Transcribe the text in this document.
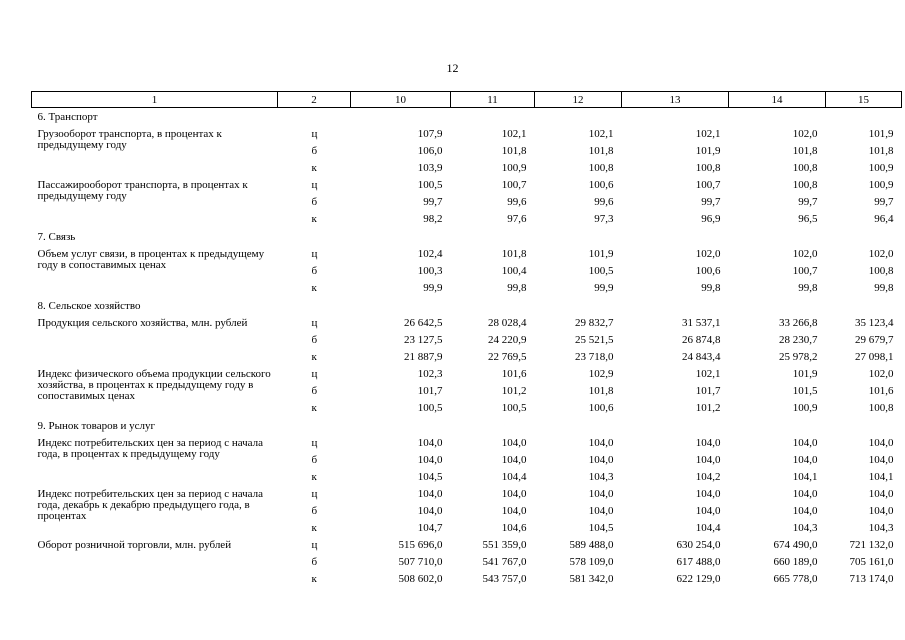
12
1	2	10	11	12	13	14	15
6. Транспорт							
Грузооборот транспорта, в процентах к предыдущему году	ц	107,9	102,1	102,1	102,1	102,0	101,9
	б	106,0	101,8	101,8	101,9	101,8	101,8
	к	103,9	100,9	100,8	100,8	100,8	100,9
Пассажирооборот транспорта, в процентах к предыдущему году	ц	100,5	100,7	100,6	100,7	100,8	100,9
	б	99,7	99,6	99,6	99,7	99,7	99,7
	к	98,2	97,6	97,3	96,9	96,5	96,4
7. Связь							
Объем услуг связи, в процентах к предыдущему году в сопоставимых ценах	ц	102,4	101,8	101,9	102,0	102,0	102,0
	б	100,3	100,4	100,5	100,6	100,7	100,8
	к	99,9	99,8	99,9	99,8	99,8	99,8
8. Сельское хозяйство							
Продукция сельского хозяйства, млн. рублей	ц	26 642,5	28 028,4	29 832,7	31 537,1	33 266,8	35 123,4
	б	23 127,5	24 220,9	25 521,5	26 874,8	28 230,7	29 679,7
	к	21 887,9	22 769,5	23 718,0	24 843,4	25 978,2	27 098,1
Индекс физического объема продукции сельского хозяйства, в процентах к предыдущему году в сопоставимых ценах	ц	102,3	101,6	102,9	102,1	101,9	102,0
	б	101,7	101,2	101,8	101,7	101,5	101,6
	к	100,5	100,5	100,6	101,2	100,9	100,8
9. Рынок товаров и услуг							
Индекс потребительских цен за период с начала года, в процентах к предыдущему году	ц	104,0	104,0	104,0	104,0	104,0	104,0
	б	104,0	104,0	104,0	104,0	104,0	104,0
	к	104,5	104,4	104,3	104,2	104,1	104,1
Индекс потребительских цен за период с начала года, декабрь к декабрю предыдущего года, в процентах	ц	104,0	104,0	104,0	104,0	104,0	104,0
	б	104,0	104,0	104,0	104,0	104,0	104,0
	к	104,7	104,6	104,5	104,4	104,3	104,3
Оборот розничной торговли, млн. рублей	ц	515 696,0	551 359,0	589 488,0	630 254,0	674 490,0	721 132,0
	б	507 710,0	541 767,0	578 109,0	617 488,0	660 189,0	705 161,0
	к	508 602,0	543 757,0	581 342,0	622 129,0	665 778,0	713 174,0
